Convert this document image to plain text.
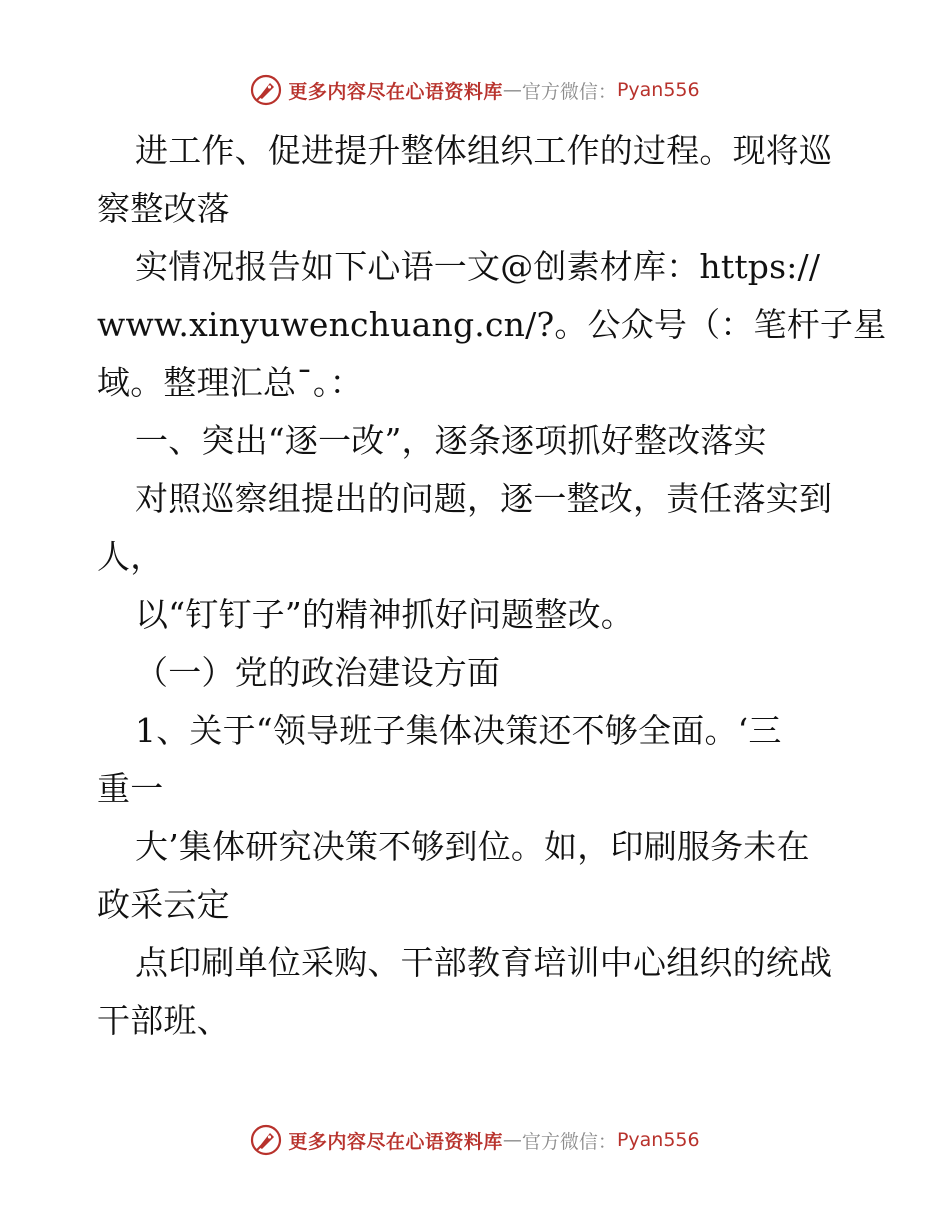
更多内容尽在心语资料库 — 官方微信： Pyan556
进工作、促进提升整体组织工作的过程。现将巡
察整改落
实情况报告如下心语一文@创素材库：https://
www.xinyuwenchuang.cn/?。公众号（：笔杆子星
域。整理汇总¯。：
一、突出“逐一改”，逐条逐项抓好整改落实
对照巡察组提出的问题，逐一整改，责任落实到
人，
以“钉钉子”的精神抓好问题整改。
（一）党的政治建设方面
1、关于“领导班子集体决策还不够全面。‘三
重一
大’集体研究决策不够到位。如，印刷服务未在
政采云定
点印刷单位采购、干部教育培训中心组织的统战
干部班、
更多内容尽在心语资料库 — 官方微信： Pyan556
